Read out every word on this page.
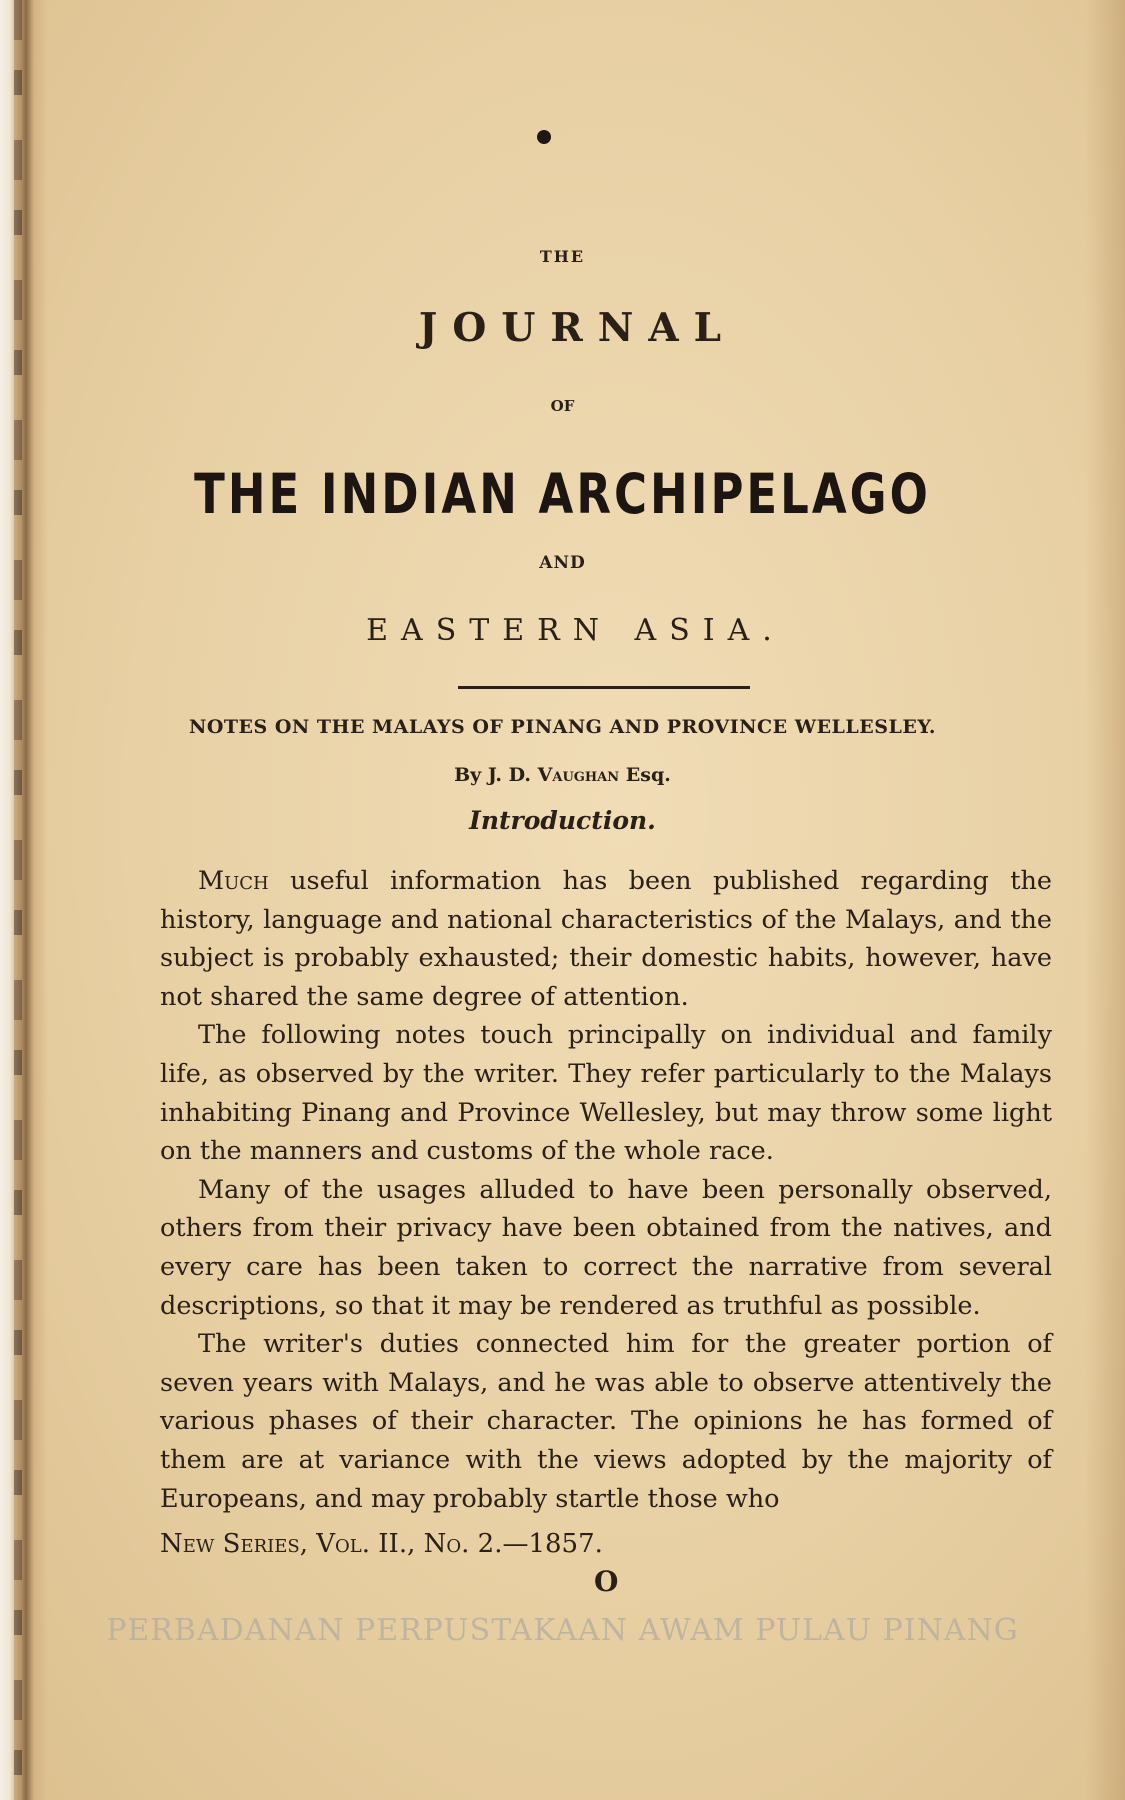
THE
JOURNAL
OF
THE INDIAN ARCHIPELAGO
AND
EASTERN ASIA.
NOTES ON THE MALAYS OF PINANG AND PROVINCE WELLESLEY.
By J. D. Vaughan Esq.
Introduction.

Much useful information has been published regarding the history, language and national characteristics of the Malays, and the subject is probably exhausted; their domestic habits, however, have not shared the same degree of attention.

The following notes touch principally on individual and family life, as observed by the writer. They refer particularly to the Malays inhabiting Pinang and Province Wellesley, but may throw some light on the manners and customs of the whole race.

Many of the usages alluded to have been personally observed, others from their privacy have been obtained from the natives, and every care has been taken to correct the narrative from several descriptions, so that it may be rendered as truthful as possible.

The writer's duties connected him for the greater portion of seven years with Malays, and he was able to observe attentively the various phases of their character. The opinions he has formed of them are at variance with the views adopted by the majority of Europeans, and may probably startle those who

New Series, Vol. II., No. 2.—1857.
O
PERBADANAN PERPUSTAKAAN AWAM PULAU PINANG
